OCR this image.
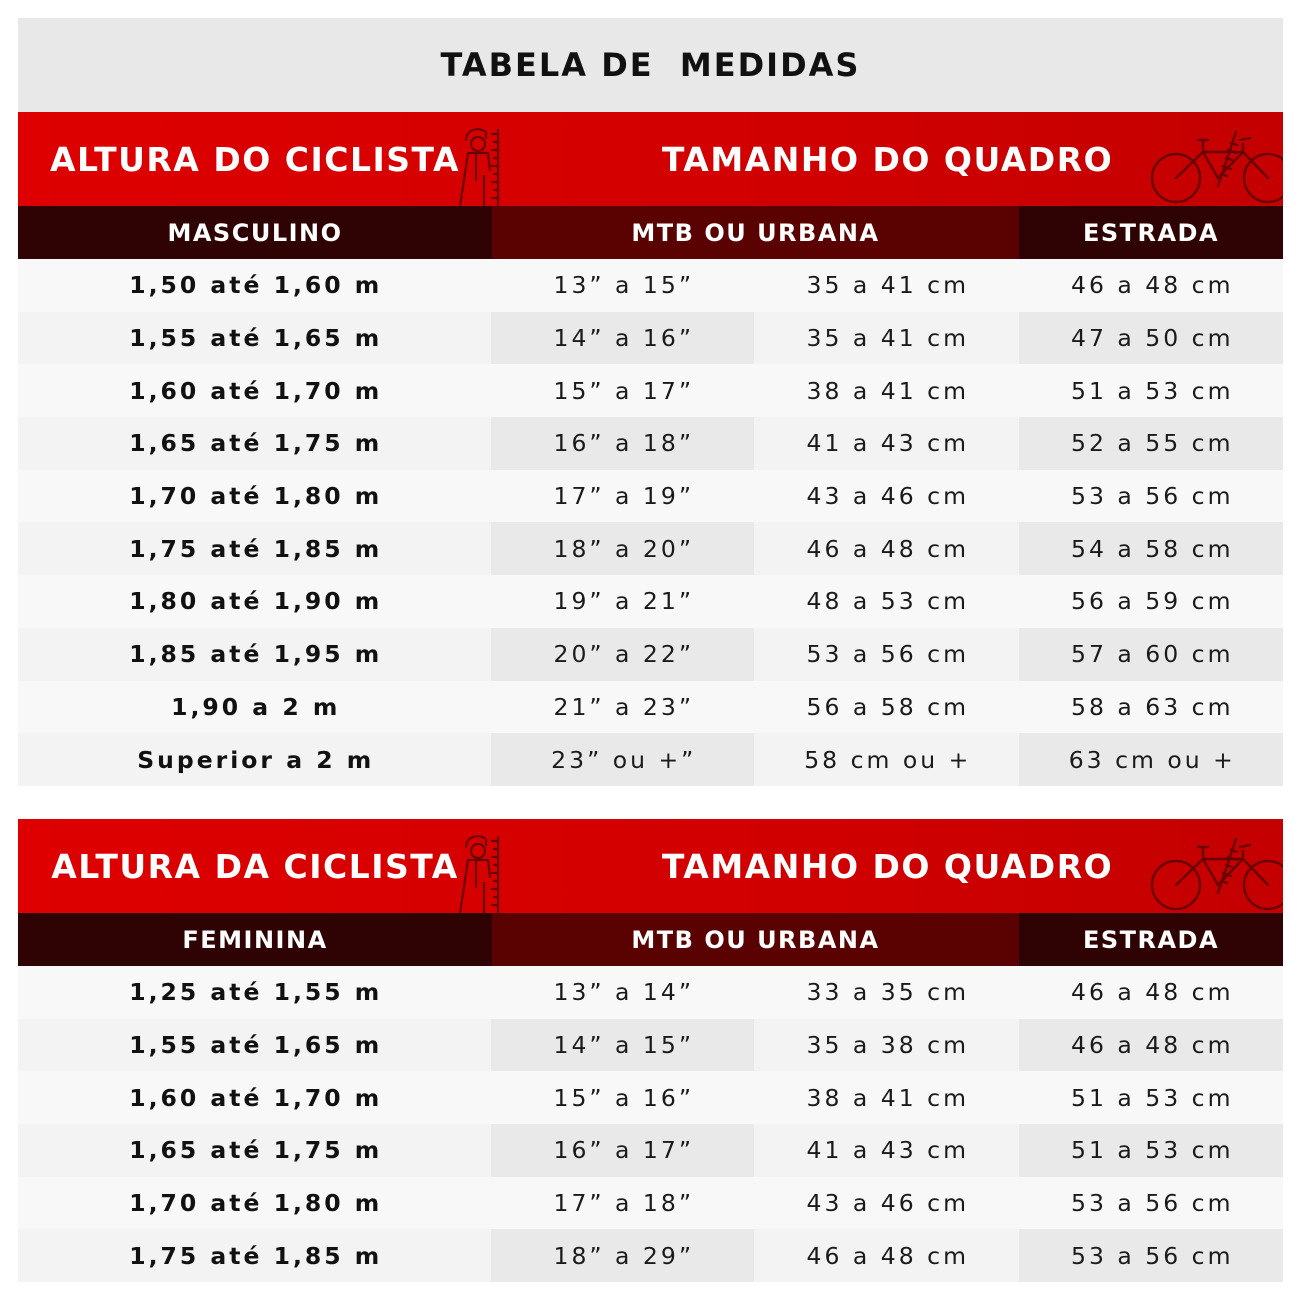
TABELA DE  MEDIDAS
ALTURA DO CICLISTA	TAMANHO DO QUADRO
MASCULINO	MTB OU URBANA	ESTRADA
1,50 até 1,60 m	13” a 15”	35 a 41 cm	46 a 48 cm
1,55 até 1,65 m	14” a 16”	35 a 41 cm	47 a 50 cm
1,60 até 1,70 m	15” a 17”	38 a 41 cm	51 a 53 cm
1,65 até 1,75 m	16” a 18”	41 a 43 cm	52 a 55 cm
1,70 até 1,80 m	17” a 19”	43 a 46 cm	53 a 56 cm
1,75 até 1,85 m	18” a 20”	46 a 48 cm	54 a 58 cm
1,80 até 1,90 m	19” a 21”	48 a 53 cm	56 a 59 cm
1,85 até 1,95 m	20” a 22”	53 a 56 cm	57 a 60 cm
1,90 a 2 m	21” a 23”	56 a 58 cm	58 a 63 cm
Superior a 2 m	23” ou +”	58 cm ou +	63 cm ou +
ALTURA DA CICLISTA	TAMANHO DO QUADRO
FEMININA	MTB OU URBANA	ESTRADA
1,25 até 1,55 m	13” a 14”	33 a 35 cm	46 a 48 cm
1,55 até 1,65 m	14” a 15”	35 a 38 cm	46 a 48 cm
1,60 até 1,70 m	15” a 16”	38 a 41 cm	51 a 53 cm
1,65 até 1,75 m	16” a 17”	41 a 43 cm	51 a 53 cm
1,70 até 1,80 m	17” a 18”	43 a 46 cm	53 a 56 cm
1,75 até 1,85 m	18” a 29”	46 a 48 cm	53 a 56 cm
